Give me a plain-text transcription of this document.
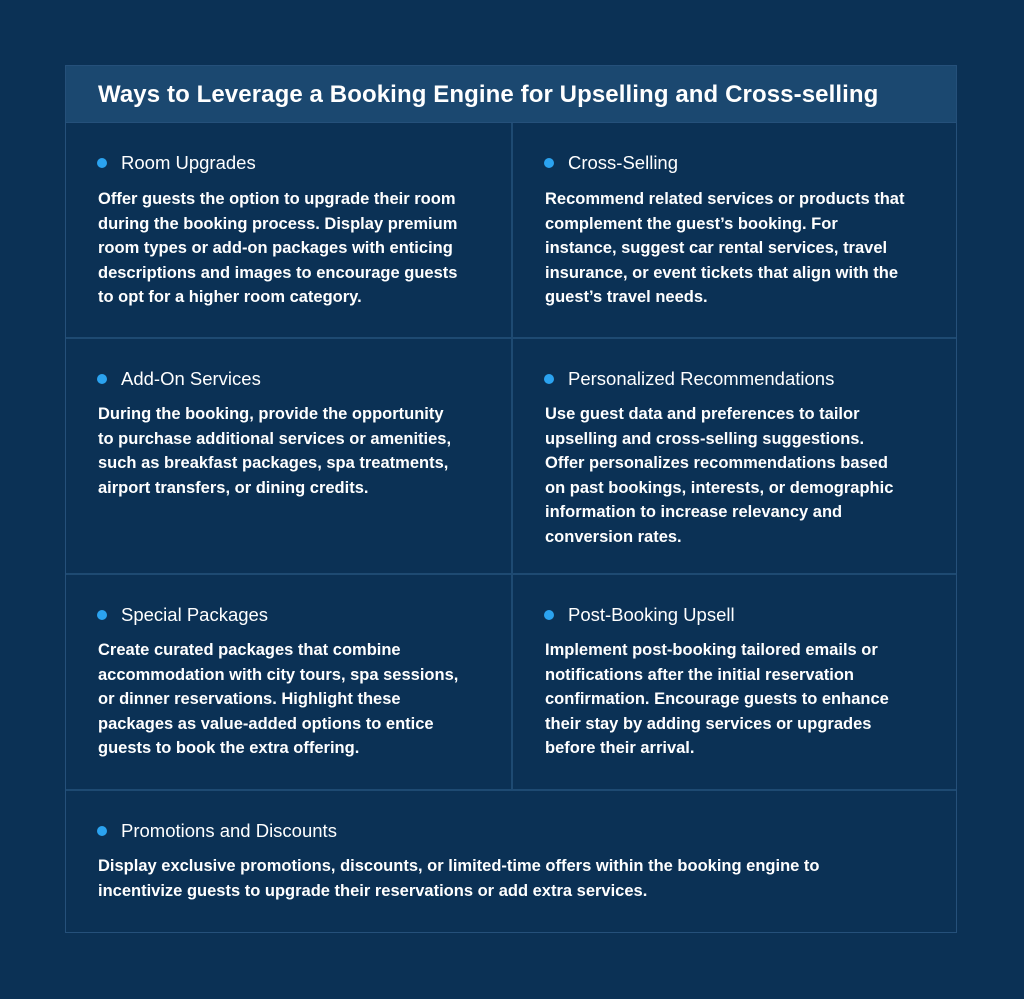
Ways to Leverage a Booking Engine for Upselling and Cross-selling
Room Upgrades
Offer guests the option to upgrade their room
during the booking process. Display premium
room types or add-on packages with enticing
descriptions and images to encourage guests
to opt for a higher room category.
Cross-Selling
Recommend related services or products that
complement the guest’s booking. For
instance, suggest car rental services, travel
insurance, or event tickets that align with the
guest’s travel needs.
Add-On Services
During the booking, provide the opportunity
to purchase additional services or amenities,
such as breakfast packages, spa treatments,
airport transfers, or dining credits.
Personalized Recommendations
Use guest data and preferences to tailor
upselling and cross-selling suggestions.
Offer personalizes recommendations based
on past bookings, interests, or demographic
information to increase relevancy and
conversion rates.
Special Packages
Create curated packages that combine
accommodation with city tours, spa sessions,
or dinner reservations. Highlight these
packages as value-added options to entice
guests to book the extra offering.
Post-Booking Upsell
Implement post-booking tailored emails or
notifications after the initial reservation
confirmation. Encourage guests to enhance
their stay by adding services or upgrades
before their arrival.
Promotions and Discounts
Display exclusive promotions, discounts, or limited-time offers within the booking engine to
incentivize guests to upgrade their reservations or add extra services.
